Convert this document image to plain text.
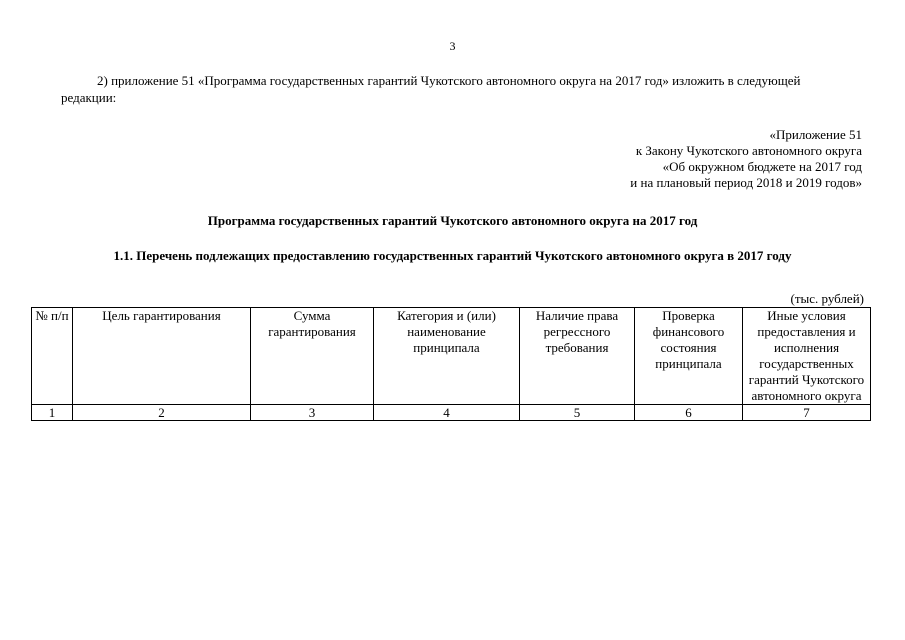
3

2) приложение 51 «Программа государственных гарантий Чукотского автономного округа на 2017 год» изложить в следующей редакции:

«Приложение 51
к Закону Чукотского автономного округа
«Об окружном бюджете на 2017 год
и на плановый период 2018 и 2019 годов»
Программа государственных гарантий Чукотского автономного округа на 2017 год
1.1. Перечень подлежащих предоставлению государственных гарантий Чукотского автономного округа в 2017 году
(тыс. рублей)
№ п/п	Цель гарантирования	Сумма гарантирования	Категория и (или) наименование принципала	Наличие права регрессного требования	Проверка финансового состояния принципала	Иные условия предоставления и исполнения государственных гарантий Чукотского автономного округа
1	2	3	4	5	6	7
